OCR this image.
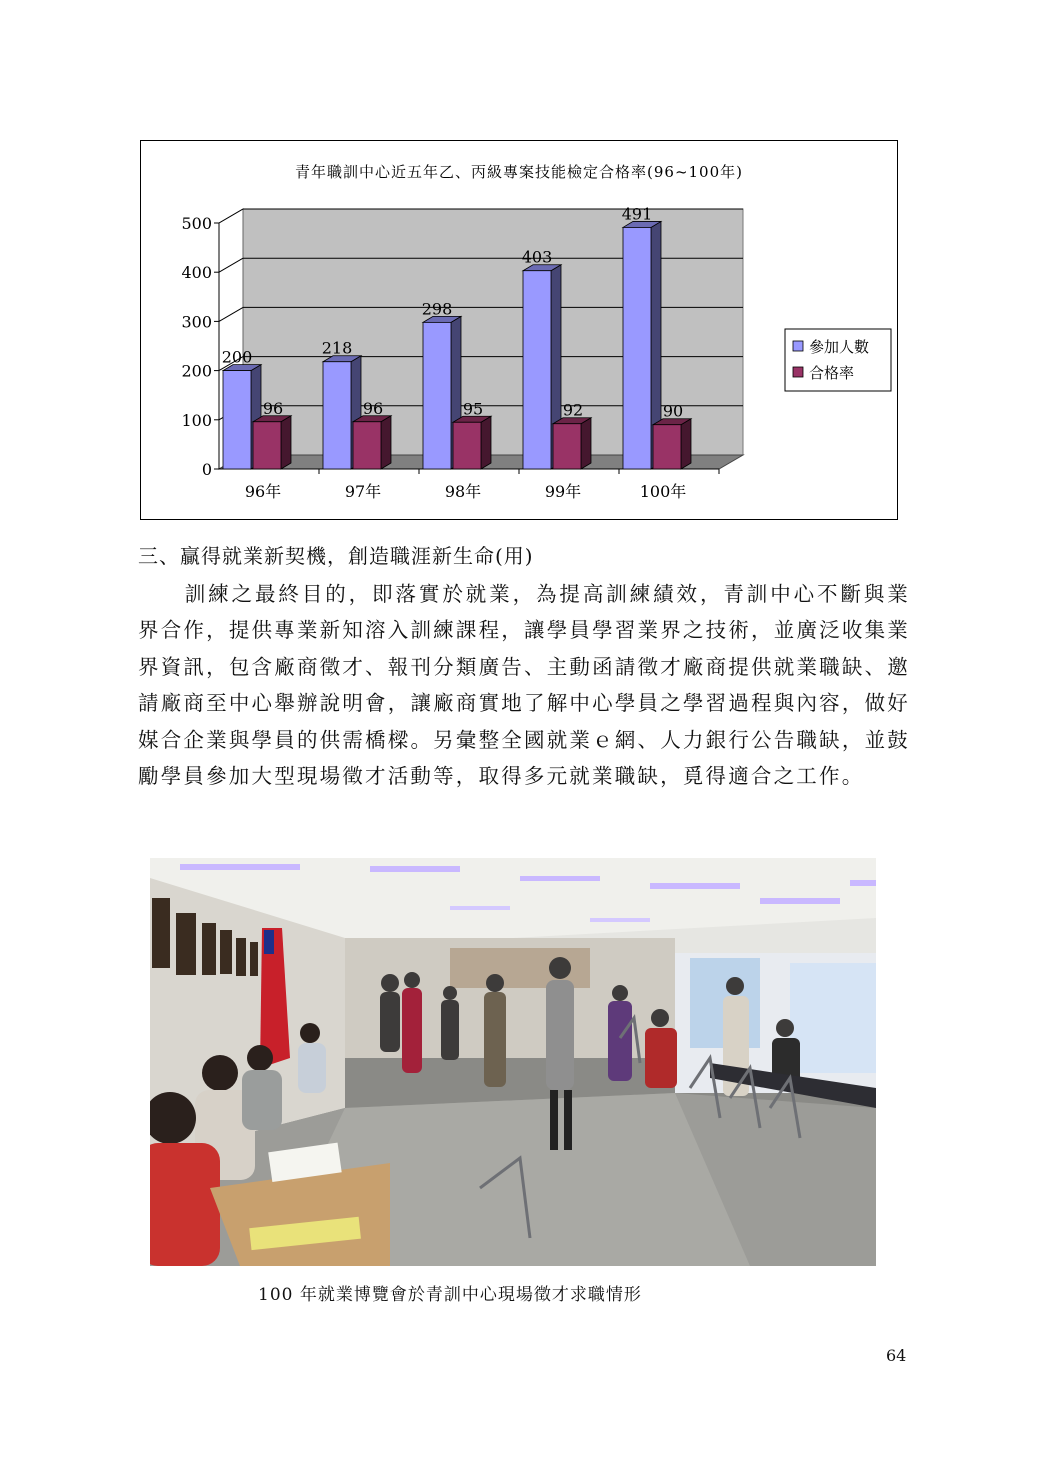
青年職訓中心近五年乙、丙級專案技能檢定合格率(96~100年)
0
100
200
300
400
500
200
96
96年
218
96
97年
298
95
98年
403
92
99年
491
90
100年
參加人數
合格率
三、贏得就業新契機，創造職涯新生命(用)
訓練之最終目的，即落實於就業，為提高訓練績效，青訓中心不斷與業界合作，提供專業新知溶入訓練課程，讓學員學習業界之技術，並廣泛收集業界資訊，包含廠商徵才、報刊分類廣告、主動函請徵才廠商提供就業職缺、邀請廠商至中心舉辦說明會，讓廠商實地了解中心學員之學習過程與內容，做好媒合企業與學員的供需橋樑。另彙整全國就業ｅ網、人力銀行公告職缺，並鼓勵學員參加大型現場徵才活動等，取得多元就業職缺，覓得適合之工作。
100 年就業博覽會於青訓中心現場徵才求職情形
64
